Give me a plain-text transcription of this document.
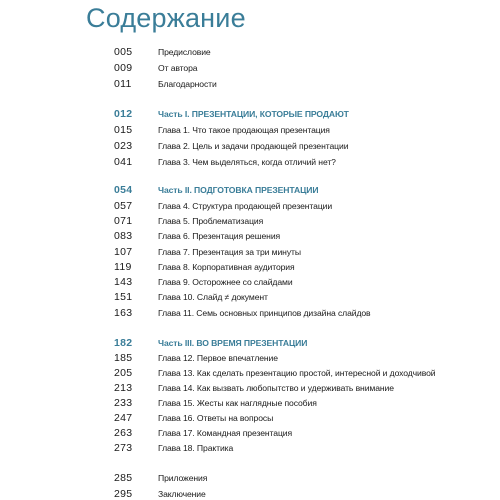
Содержание
005	Предисловие
009	От автора
011	Благодарности
012	Часть I. ПРЕЗЕНТАЦИИ, КОТОРЫЕ ПРОДАЮТ
015	Глава 1. Что такое продающая презентация
023	Глава 2. Цель и задачи продающей презентации
041	Глава 3. Чем выделяться, когда отличий нет?
054	Часть II. ПОДГОТОВКА ПРЕЗЕНТАЦИИ
057	Глава 4. Структура продающей презентации
071	Глава 5. Проблематизация
083	Глава 6. Презентация решения
107	Глава 7. Презентация за три минуты
119	Глава 8. Корпоративная аудитория
143	Глава 9. Осторожнее со слайдами
151	Глава 10. Слайд ≠ документ
163	Глава 11. Семь основных принципов дизайна слайдов
182	Часть III. ВО ВРЕМЯ ПРЕЗЕНТАЦИИ
185	Глава 12. Первое впечатление
205	Глава 13. Как сделать презентацию простой, интересной и доходчивой
213	Глава 14. Как вызвать любопытство и удерживать внимание
233	Глава 15. Жесты как наглядные пособия
247	Глава 16. Ответы на вопросы
263	Глава 17. Командная презентация
273	Глава 18. Практика
285	Приложения
295	Заключение
